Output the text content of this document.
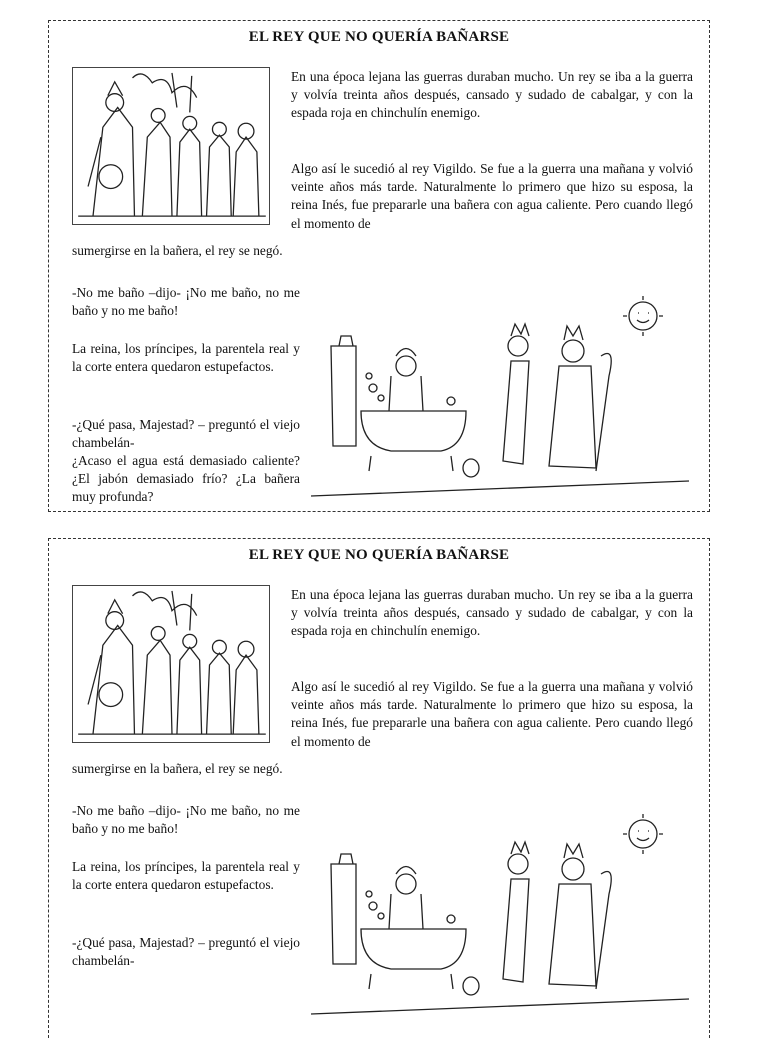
EL REY QUE NO QUERÍA BAÑARSE

En una época lejana las guerras duraban mucho. Un rey se iba a la guerra y volvía treinta años después, cansado y sudado de cabalgar, y con la espada roja en chinchulín enemigo.

Algo así le sucedió al rey Vigildo. Se fue a la guerra una mañana y volvió veinte años más tarde. Naturalmente lo primero que hizo su esposa, la reina Inés, fue prepararle una bañera con agua caliente. Pero cuando llegó el momento de

sumergirse en la bañera, el rey se negó.

-No me baño –dijo- ¡No me baño, no me baño y no me baño!

La reina, los príncipes, la parentela real y la corte entera quedaron estupefactos.

-¿Qué pasa, Majestad? – preguntó el viejo chambelán-

¿Acaso el agua está demasiado caliente? ¿El jabón demasiado frío? ¿La bañera muy profunda?

EL REY QUE NO QUERÍA BAÑARSE

En una época lejana las guerras duraban mucho. Un rey se iba a la guerra y volvía treinta años después, cansado y sudado de cabalgar, y con la espada roja en chinchulín enemigo.

Algo así le sucedió al rey Vigildo. Se fue a la guerra una mañana y volvió veinte años más tarde. Naturalmente lo primero que hizo su esposa, la reina Inés, fue prepararle una bañera con agua caliente. Pero cuando llegó el momento de

sumergirse en la bañera, el rey se negó.

-No me baño –dijo- ¡No me baño, no me baño y no me baño!

La reina, los príncipes, la parentela real y la corte entera quedaron estupefactos.

-¿Qué pasa, Majestad? – preguntó el viejo chambelán-
